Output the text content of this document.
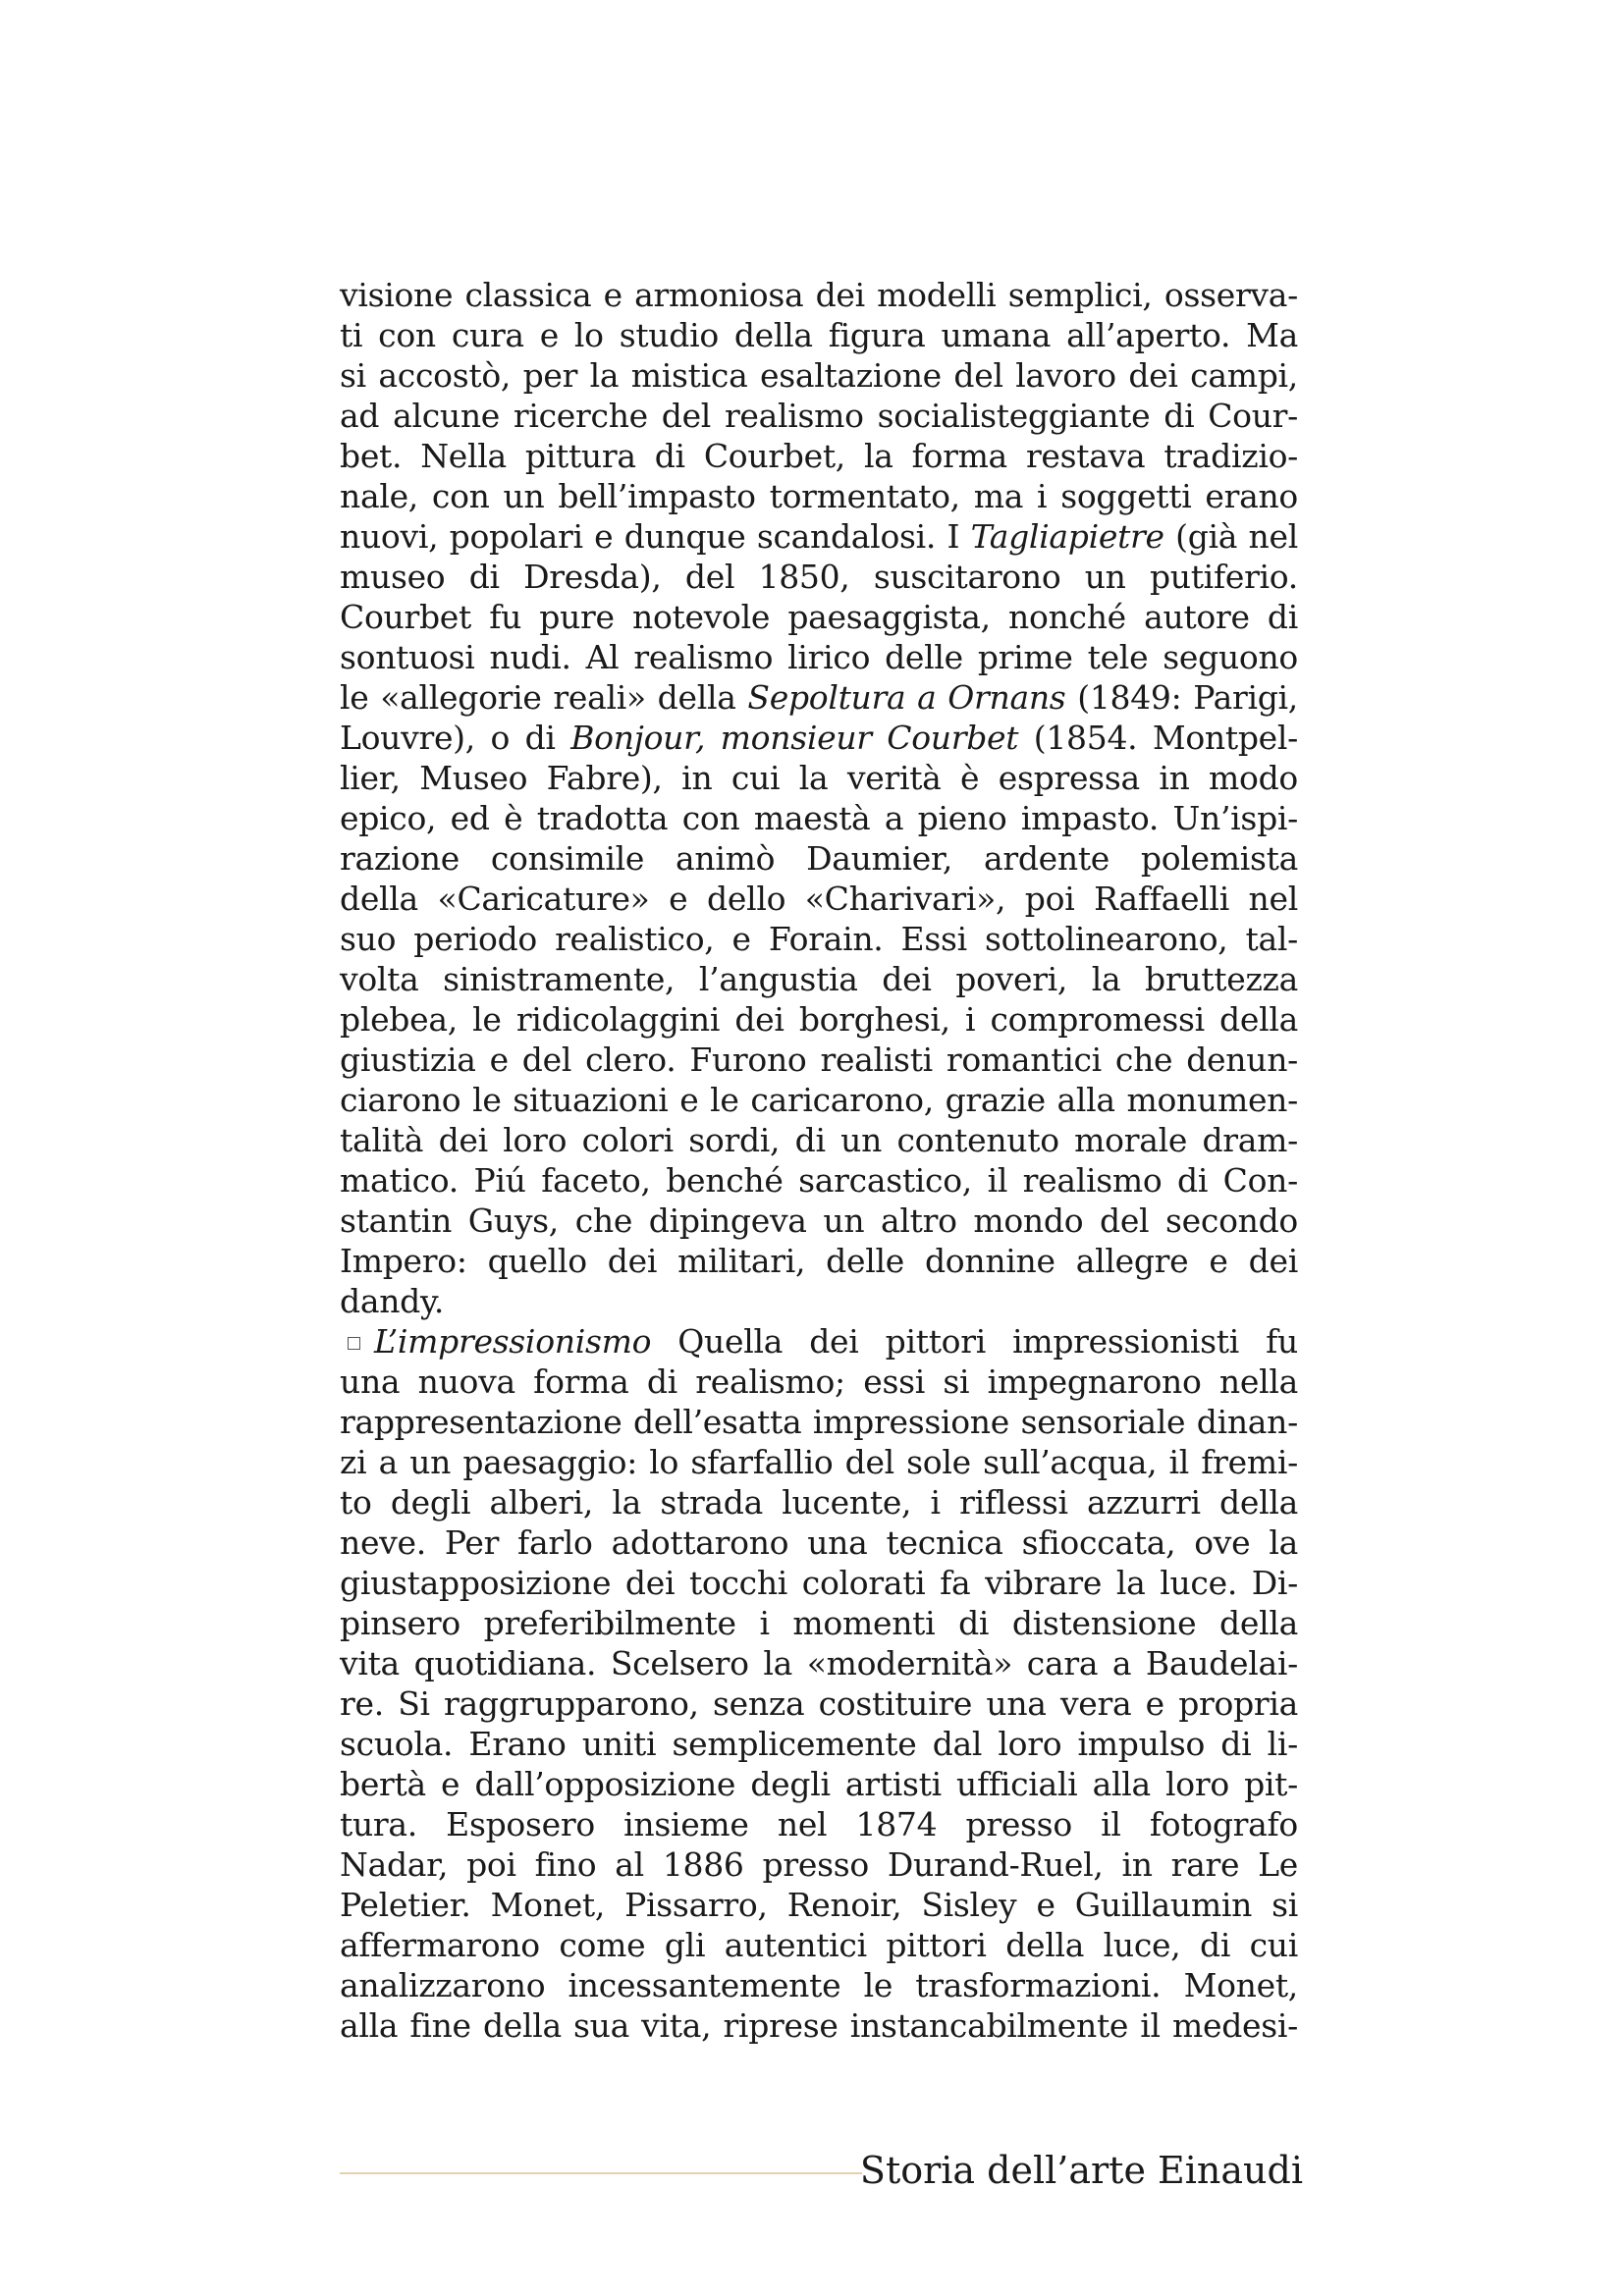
visione classica e armoniosa dei modelli semplici, osserva-
ti con cura e lo studio della figura umana all’aperto. Ma
si accostò, per la mistica esaltazione del lavoro dei campi,
ad alcune ricerche del realismo socialisteggiante di Cour-
bet. Nella pittura di Courbet, la forma restava tradizio-
nale, con un bell’impasto tormentato, ma i soggetti erano
nuovi, popolari e dunque scandalosi. I Tagliapietre (già nel
museo di Dresda), del 1850, suscitarono un putiferio.
Courbet fu pure notevole paesaggista, nonché autore di
sontuosi nudi. Al realismo lirico delle prime tele seguono
le «allegorie reali» della Sepoltura a Ornans (1849: Parigi,
Louvre), o di Bonjour, monsieur Courbet (1854. Montpel-
lier, Museo Fabre), in cui la verità è espressa in modo
epico, ed è tradotta con maestà a pieno impasto. Un’ispi-
razione consimile animò Daumier, ardente polemista
della «Caricature» e dello «Charivari», poi Raffaelli nel
suo periodo realistico, e Forain. Essi sottolinearono, tal-
volta sinistramente, l’angustia dei poveri, la bruttezza
plebea, le ridicolaggini dei borghesi, i compromessi della
giustizia e del clero. Furono realisti romantici che denun-
ciarono le situazioni e le caricarono, grazie alla monumen-
talità dei loro colori sordi, di un contenuto morale dram-
matico. Piú faceto, benché sarcastico, il realismo di Con-
stantin Guys, che dipingeva un altro mondo del secondo
Impero: quello dei militari, delle donnine allegre e dei
dandy.
L’impressionismo Quella dei pittori impressionisti fu
una nuova forma di realismo; essi si impegnarono nella
rappresentazione dell’esatta impressione sensoriale dinan-
zi a un paesaggio: lo sfarfallio del sole sull’acqua, il fremi-
to degli alberi, la strada lucente, i riflessi azzurri della
neve. Per farlo adottarono una tecnica sfioccata, ove la
giustapposizione dei tocchi colorati fa vibrare la luce. Di-
pinsero preferibilmente i momenti di distensione della
vita quotidiana. Scelsero la «modernità» cara a Baudelai-
re. Si raggrupparono, senza costituire una vera e propria
scuola. Erano uniti semplicemente dal loro impulso di li-
bertà e dall’opposizione degli artisti ufficiali alla loro pit-
tura. Esposero insieme nel 1874 presso il fotografo
Nadar, poi fino al 1886 presso Durand-Ruel, in rare Le
Peletier. Monet, Pissarro, Renoir, Sisley e Guillaumin si
affermarono come gli autentici pittori della luce, di cui
analizzarono incessantemente le trasformazioni. Monet,
alla fine della sua vita, riprese instancabilmente il medesi-
Storia dell’arte Einaudi
